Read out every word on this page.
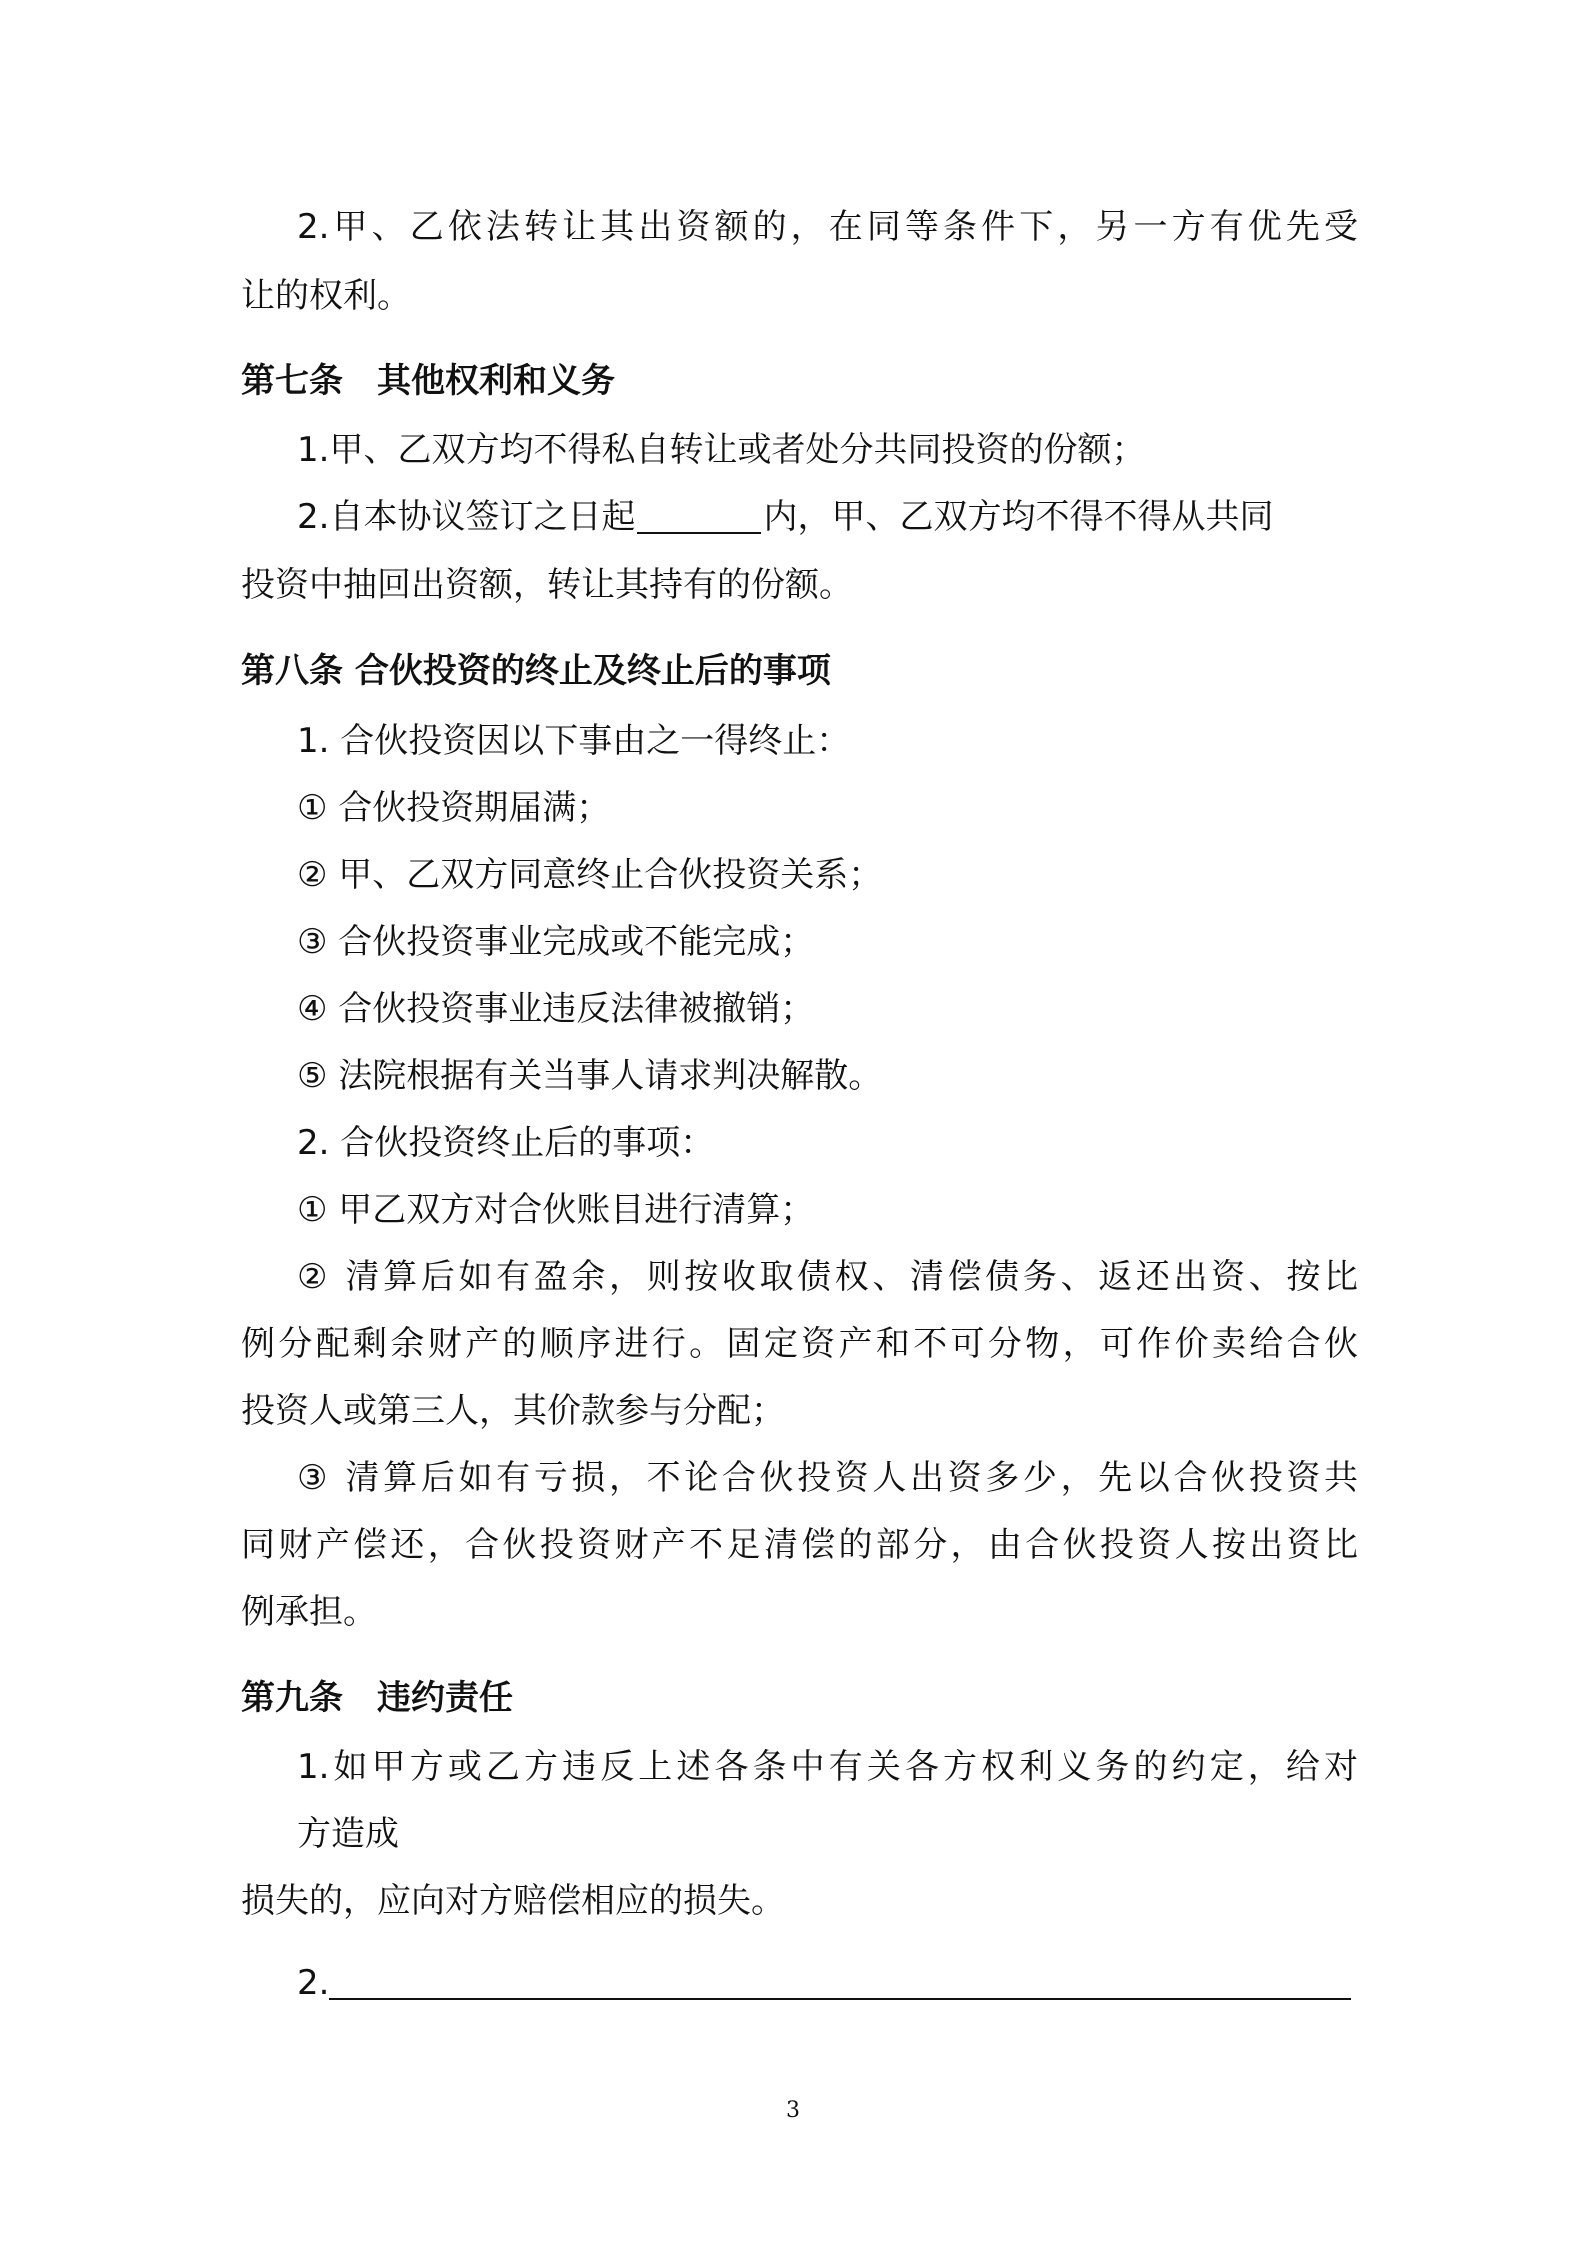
2.甲、乙依法转让其出资额的，在同等条件下，另一方有优先受
让的权利。
第七条 其他权利和义务
1.甲、乙双方均不得私自转让或者处分共同投资的份额；
2.自本协议签订之日起	内，甲、乙双方均不得不得从共同
投资中抽回出资额，转让其持有的份额。
第八条 合伙投资的终止及终止后的事项
1. 合伙投资因以下事由之一得终止：
① 合伙投资期届满；
② 甲、乙双方同意终止合伙投资关系；
③ 合伙投资事业完成或不能完成；
④ 合伙投资事业违反法律被撤销；
⑤ 法院根据有关当事人请求判决解散。
2. 合伙投资终止后的事项：
① 甲乙双方对合伙账目进行清算；
② 清算后如有盈余，则按收取债权、清偿债务、返还出资、按比
例分配剩余财产的顺序进行。固定资产和不可分物，可作价卖给合伙
投资人或第三人，其价款参与分配；
③ 清算后如有亏损，不论合伙投资人出资多少，先以合伙投资共
同财产偿还，合伙投资财产不足清偿的部分，由合伙投资人按出资比
例承担。
第九条 违约责任
1.如甲方或乙方违反上述各条中有关各方权利义务的约定，给对
方造成
损失的，应向对方赔偿相应的损失。
2.
3
